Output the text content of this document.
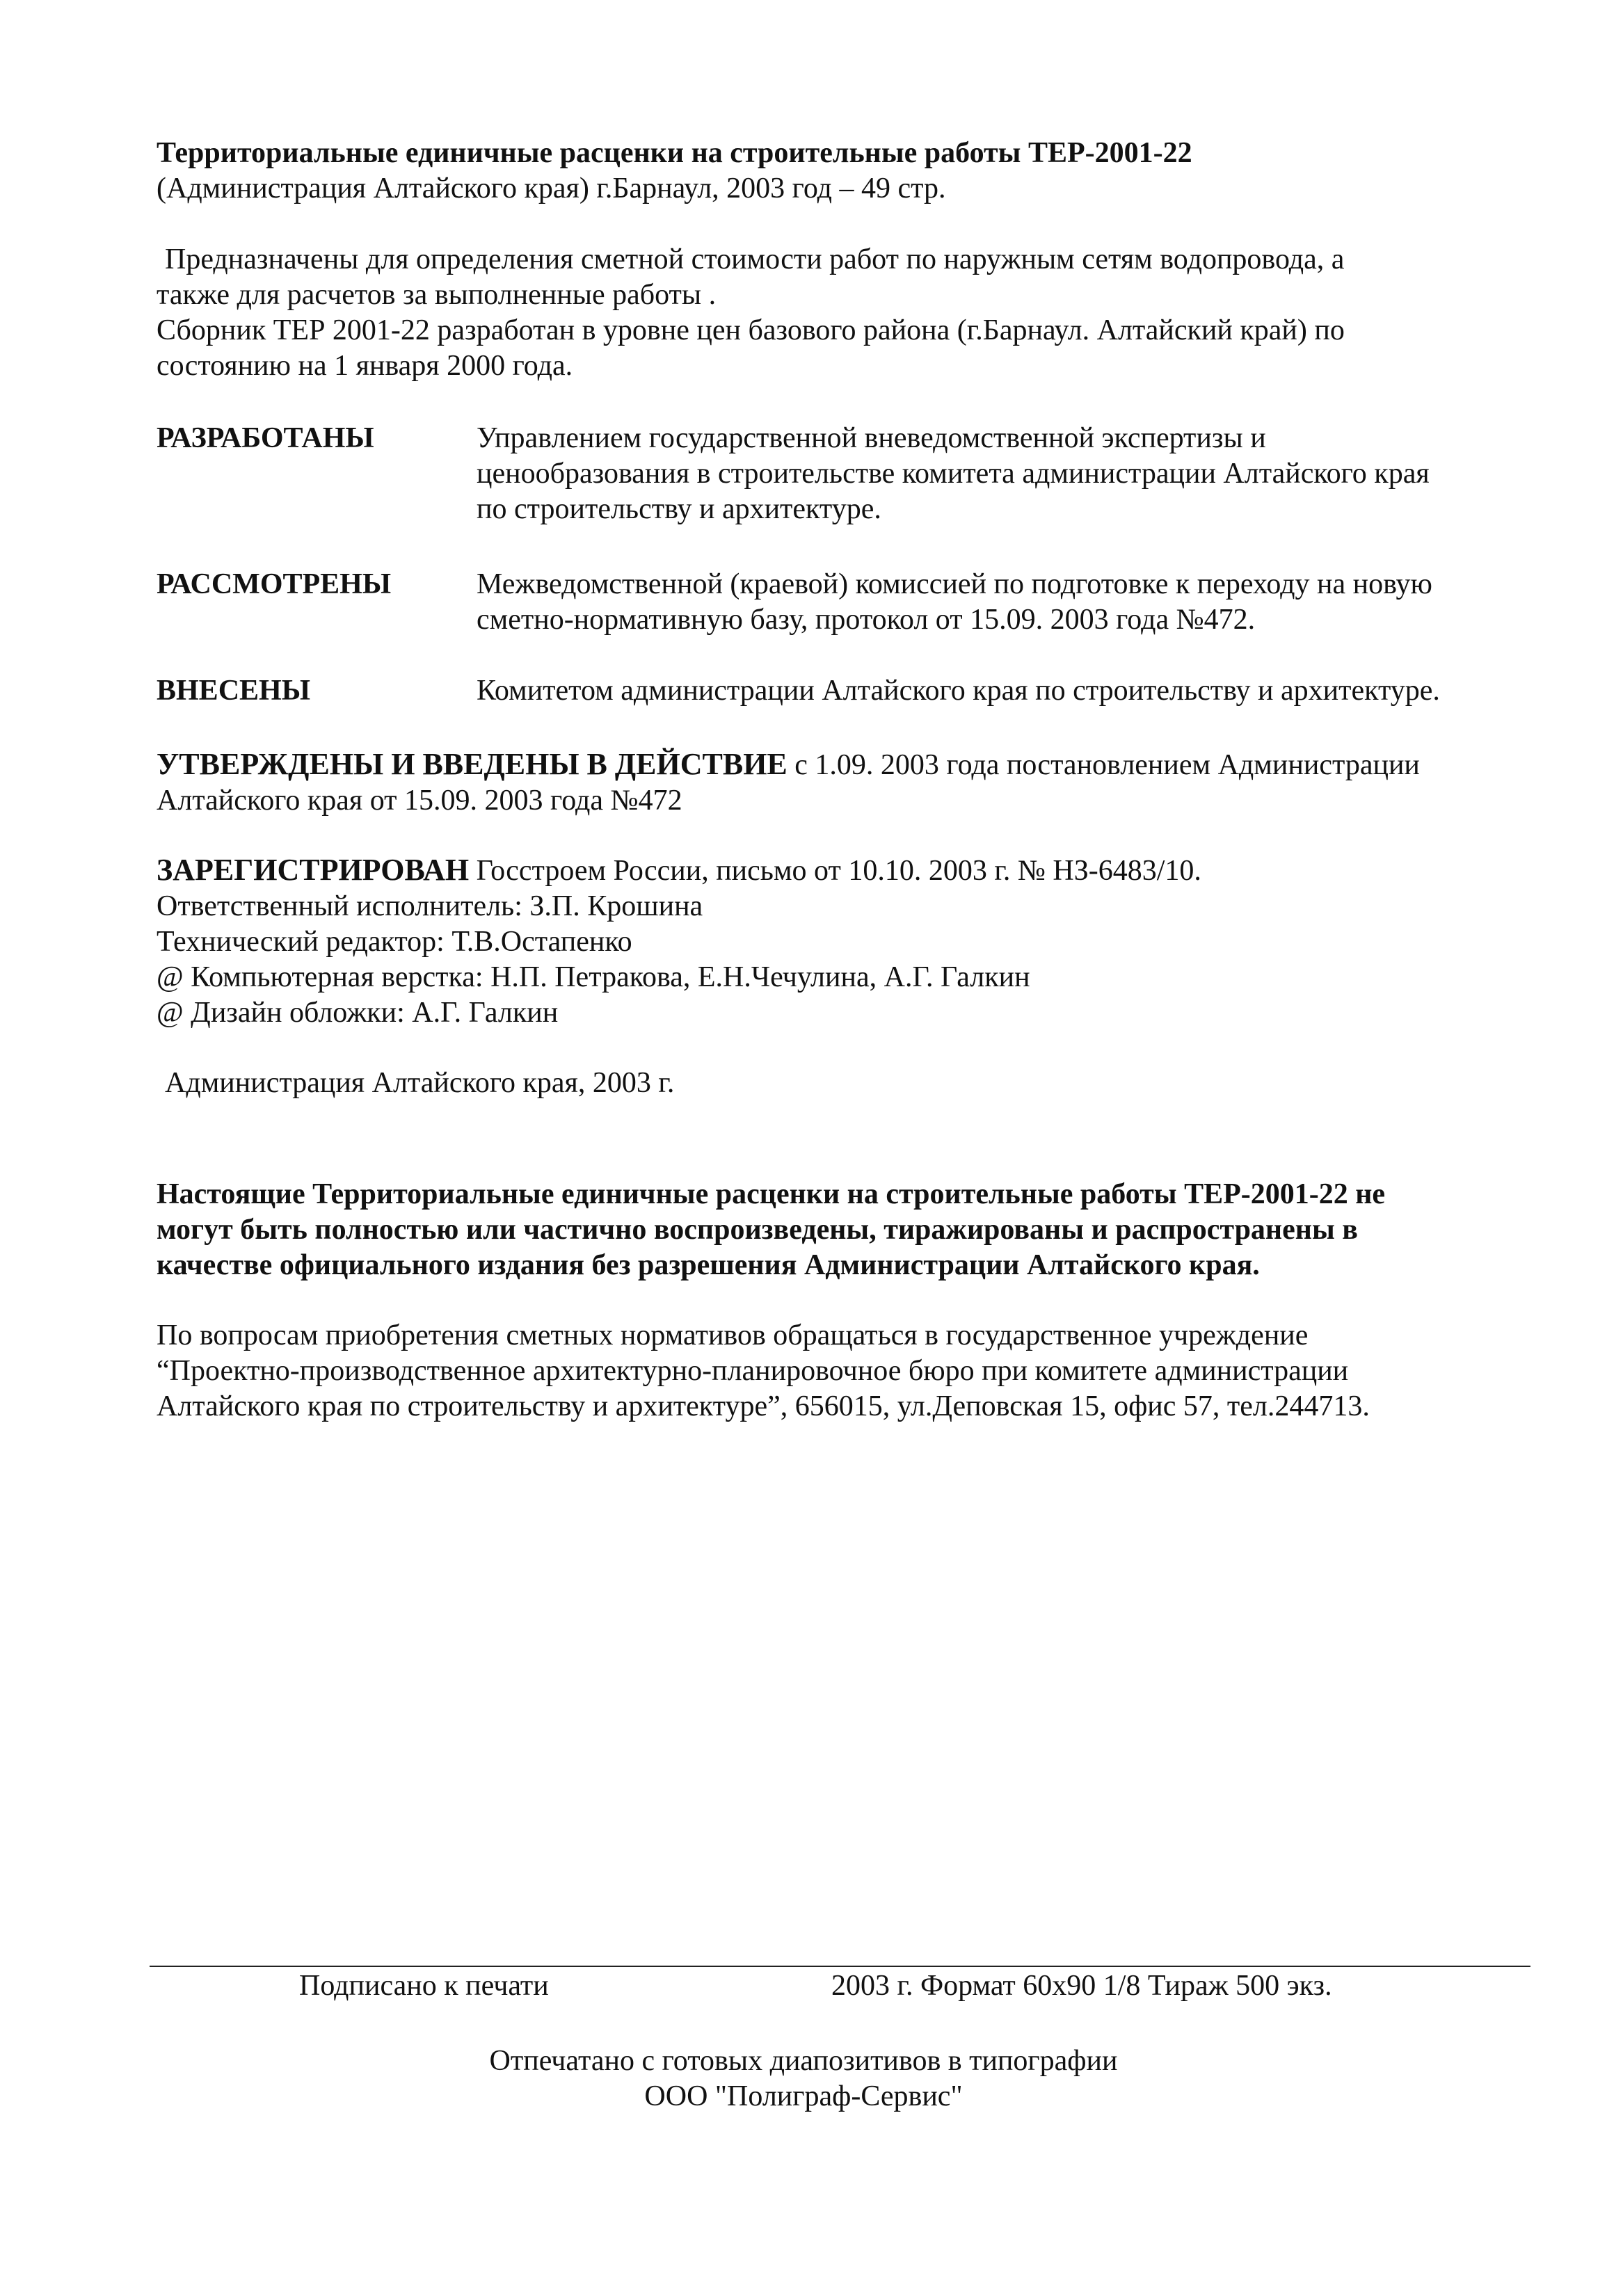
Территориальные единичные расценки на строительные работы ТЕР-2001-22
(Администрация Алтайского края) г.Барнаул, 2003 год – 49 стр.
Предназначены для определения сметной стоимости работ по наружным сетям водопровода, а
также для расчетов за выполненные работы .
Сборник ТЕР 2001-22 разработан в уровне цен базового района (г.Барнаул. Алтайский край) по
состоянию на 1 января 2000 года.
РАЗРАБОТАНЫ	Управлением государственной вневедомственной экспертизы и
ценообразования в строительстве комитета администрации Алтайского края
по строительству и архитектуре.
РАССМОТРЕНЫ	Межведомственной (краевой) комиссией по подготовке к переходу на новую
сметно-нормативную базу, протокол от 15.09. 2003 года №472.
ВНЕСЕНЫ	Комитетом администрации Алтайского края по строительству и архитектуре.
УТВЕРЖДЕНЫ И ВВЕДЕНЫ В ДЕЙСТВИЕ с 1.09. 2003 года постановлением Администрации
Алтайского края от 15.09. 2003 года №472
ЗАРЕГИСТРИРОВАН Госстроем России, письмо от 10.10. 2003 г. № НЗ-6483/10.
Ответственный исполнитель: З.П. Крошина
Технический редактор: Т.В.Остапенко
@ Компьютерная верстка: Н.П. Петракова, Е.Н.Чечулина, А.Г. Галкин
@ Дизайн обложки: А.Г. Галкин
Администрация Алтайского края, 2003 г.
Настоящие Территориальные единичные расценки на строительные работы ТЕР-2001-22 не
могут быть полностью или частично воспроизведены, тиражированы и распространены в
качестве официального издания без разрешения Администрации Алтайского края.
По вопросам приобретения сметных нормативов обращаться в государственное учреждение
“Проектно-производственное архитектурно-планировочное бюро при комитете администрации
Алтайского края по строительству и архитектуре”, 656015, ул.Деповская 15, офис 57, тел.244713.
Подписано к печати	2003 г. Формат 60х90 1/8 Тираж 500 экз.
Отпечатано с готовых диапозитивов в типографии
ООО "Полиграф-Сервис"
